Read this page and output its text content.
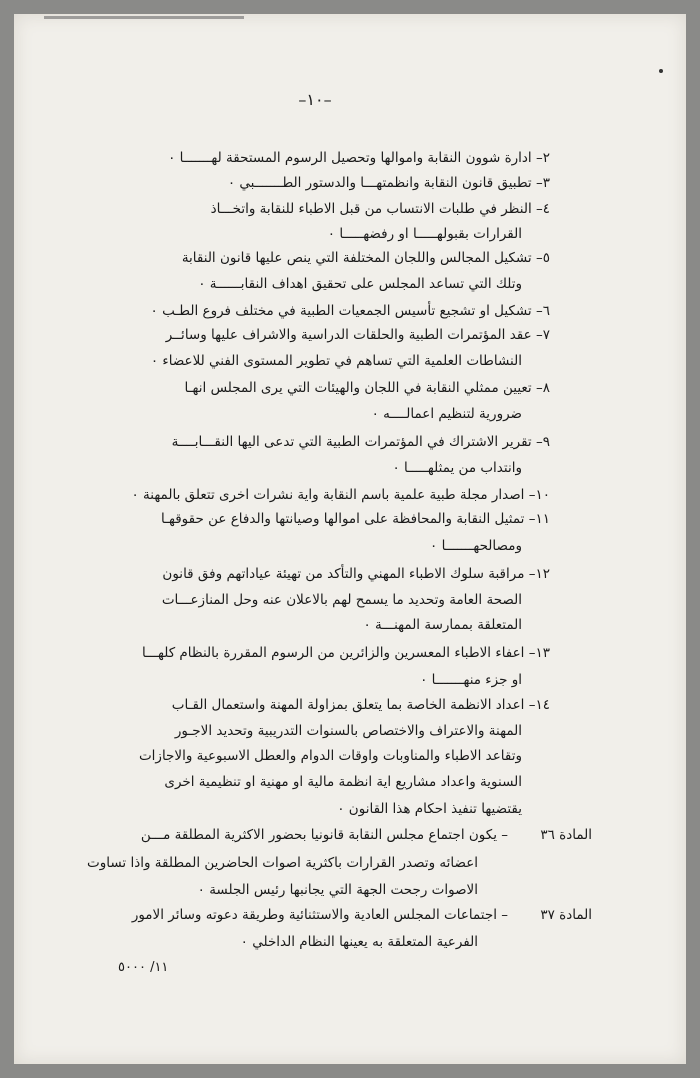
–١٠–
٢– ادارة شوون النقابة واموالها وتحصيل الرسوم المستحقة لهـــــــا ٠
٣– تطبيق قانون النقابة وانظمتهـــا والدستور الطـــــــبي ٠
٤– النظر في طلبات الانتساب من قبل الاطباء للنقابة واتخـــاذ
القرارات بقبولهـــــا او رفضهـــــا ٠
٥– تشكيل المجالس واللجان المختلفة التي ينص عليها قانون النقابة
وتلك التي تساعد المجلس على تحقيق اهداف النقابــــــة ٠
٦– تشكيل او تشجيع تأسيس الجمعيات الطبية في مختلف فروع الطـب ٠
٧– عقد المؤتمرات الطبية والحلقات الدراسية والاشراف عليها وسائــر
النشاطات العلمية التي تساهم في تطوير المستوى الفني للاعضاء ٠
٨– تعيين ممثلي النقابة في اللجان والهيئات التي يرى المجلس انهـا
ضرورية لتنظيم اعمالــــه ٠
٩– تقرير الاشتراك في المؤتمرات الطبية التي تدعى اليها النقـــابــــة
وانتداب من يمثلهـــــا ٠
١٠– اصدار مجلة طبية علمية باسم النقابة واية نشرات اخرى تتعلق بالمهنة ٠
١١– تمثيل النقابة والمحافظة على اموالها وصيانتها والدفاع عن حقوقهـا
ومصالحهـــــــا ٠
١٢– مراقبة سلوك الاطباء المهني والتأكد من تهيئة عياداتهم وفق قانون
الصحة العامة وتحديد ما يسمح لهم بالاعلان عنه وحل المنازعـــات
المتعلقة بممارسة المهنـــة ٠
١٣– اعفاء الاطباء المعسرين والزائرين من الرسوم المقررة بالنظام كلهـــا
او جزء منهـــــــا ٠
١٤– اعداد الانظمة الخاصة بما يتعلق بمزاولة المهنة واستعمال القـاب
المهنة والاعتراف والاختصاص بالسنوات التدريبية وتحديد الاجـور
وتقاعد الاطباء والمناوبات واوقات الدوام والعطل الاسبوعية والاجازات
السنوية واعداد مشاريع اية انظمة مالية او مهنية او تنظيمية اخرى
يقتضيها تنفيذ احكام هذا القانون ٠
المادة ٣٦
– يكون اجتماع مجلس النقابة قانونيا بحضور الاكثرية المطلقة مـــن
اعضائه وتصدر القرارات باكثرية اصوات الحاضرين المطلقة واذا تساوت
الاصوات رجحت الجهة التي يجانبها رئيس الجلسة ٠
المادة ٣٧
– اجتماعات المجلس العادية والاستثنائية وطريقة دعوته وسائر الامور
الفرعية المتعلقة به يعينها النظام الداخلي ٠
١١/ ٥٠٠٠
